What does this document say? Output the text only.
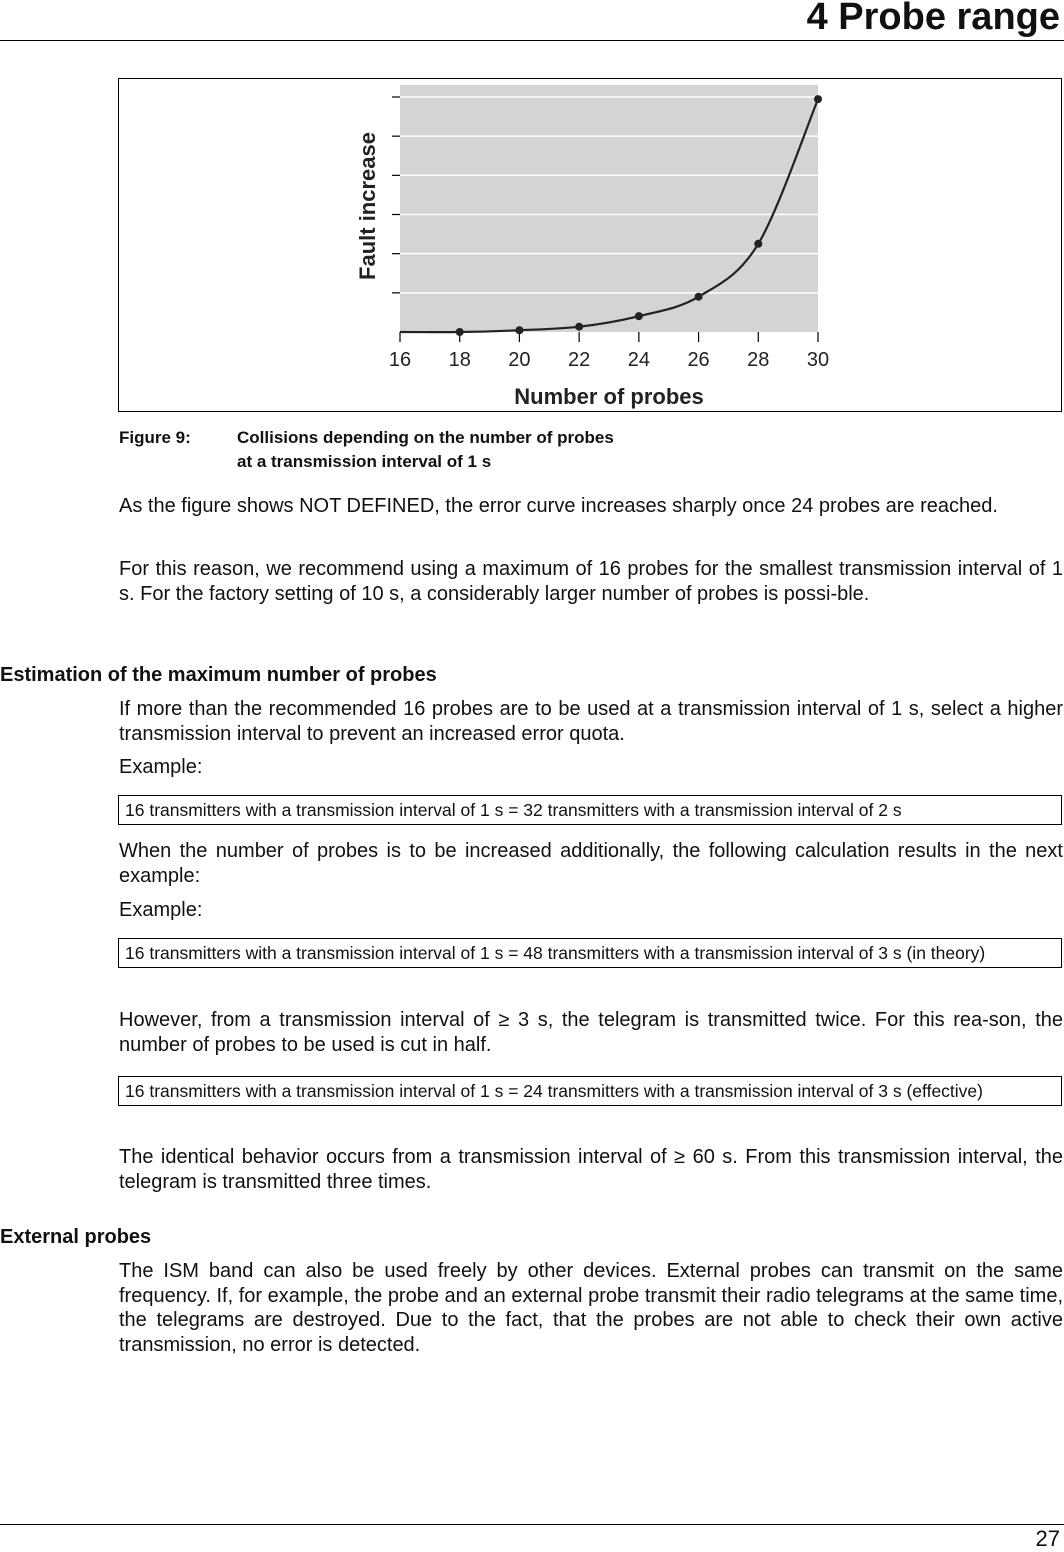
4 Probe range
16 18 20 22 24 26 28 30
Number of probes
Fault increase
Figure 9:	Collisions depending on the number of probes
at a transmission interval of 1 s

As the figure shows NOT DEFINED, the error curve increases sharply once 24 probes are reached.

For this reason, we recommend using a maximum of 16 probes for the smallest transmission interval of 1 s. For the factory setting of 10 s, a considerably larger number of probes is possi-ble.

Estimation of the maximum number of probes

If more than the recommended 16 probes are to be used at a transmission interval of 1 s, select a higher transmission interval to prevent an increased error quota.

Example:

16 transmitters with a transmission interval of 1 s = 32 transmitters with a transmission interval of 2 s

When the number of probes is to be increased additionally, the following calculation results in the next example:

Example:

16 transmitters with a transmission interval of 1 s = 48 transmitters with a transmission interval of 3 s (in theory)

However, from a transmission interval of ≥ 3 s, the telegram is transmitted twice. For this rea-son, the number of probes to be used is cut in half.

16 transmitters with a transmission interval of 1 s = 24 transmitters with a transmission interval of 3 s (effective)

The identical behavior occurs from a transmission interval of ≥ 60 s. From this transmission interval, the telegram is transmitted three times.

External probes

The ISM band can also be used freely by other devices. External probes can transmit on the same frequency. If, for example, the probe and an external probe transmit their radio telegrams at the same time, the telegrams are destroyed. Due to the fact, that the probes are not able to check their own active transmission, no error is detected.

27
